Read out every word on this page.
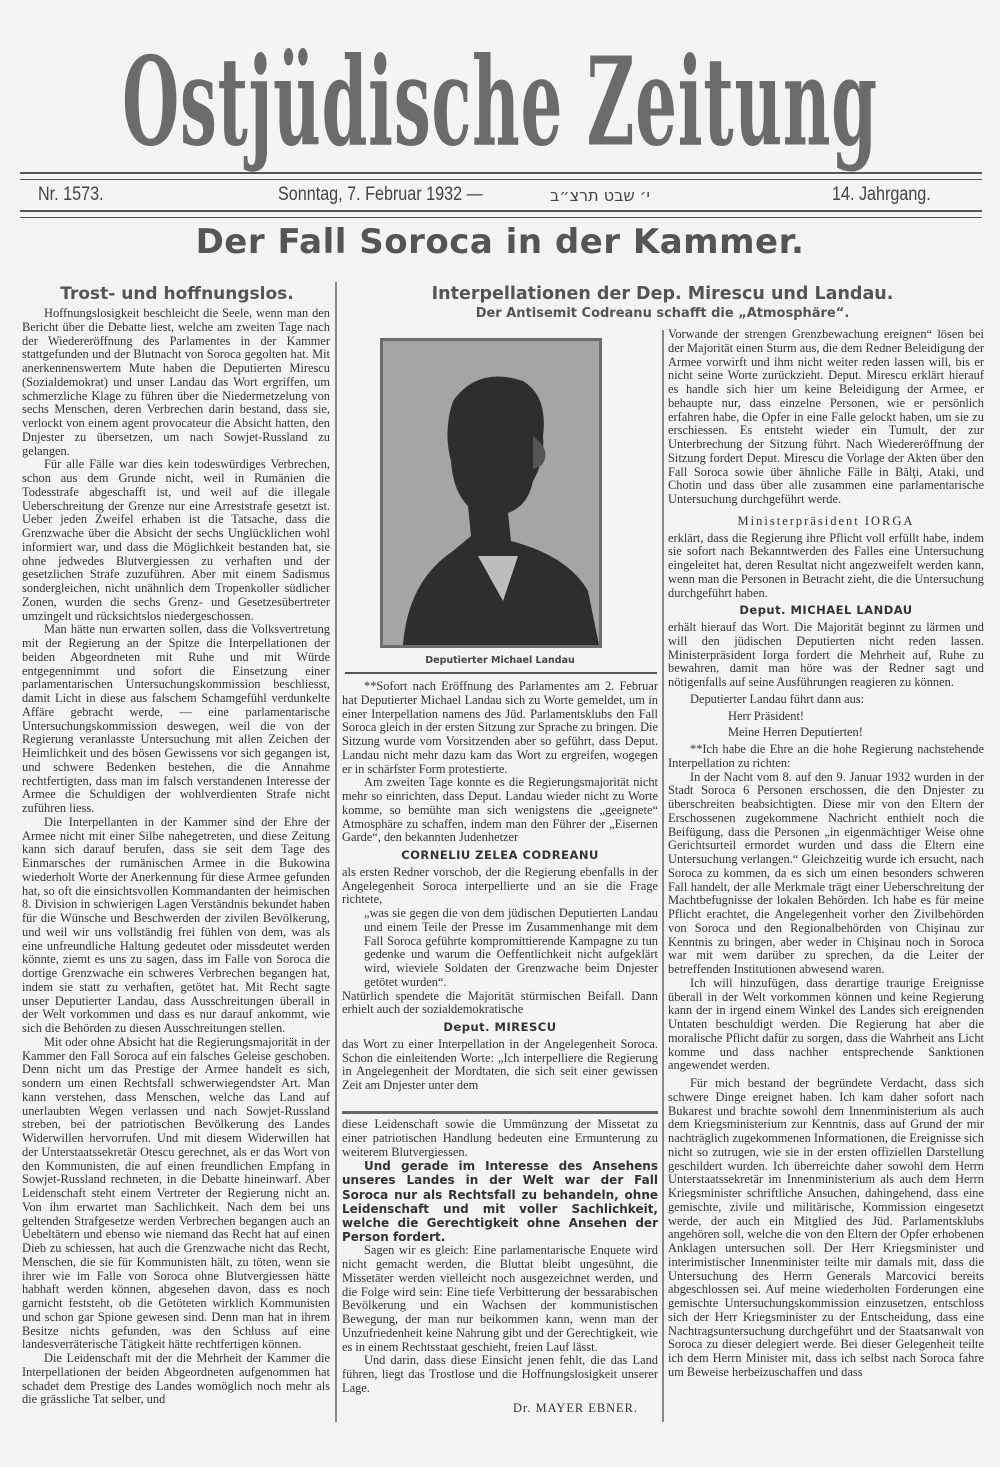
Ostjüdische Zeitung
Nr. 1573.	Sonntag, 7. Februar 1932 —	י׳ שבט תרצ״ב	14. Jahrgang.
Der Fall Soroca in der Kammer.
Trost- und hoffnungslos.

Hoffnungslosigkeit beschleicht die Seele, wenn man den Bericht über die Debatte liest, welche am zweiten Tage nach der Wiedereröffnung des Parlamentes in der Kammer stattgefunden und der Blutnacht von Soroca gegolten hat. Mit anerkennenswertem Mute haben die Deputierten Mirescu (Sozialdemokrat) und unser Landau das Wort ergriffen, um schmerzliche Klage zu führen über die Niedermetzelung von sechs Menschen, deren Verbrechen darin bestand, dass sie, verlockt von einem agent provocateur die Absicht hatten, den Dnjester zu übersetzen, um nach Sowjet-Russland zu gelangen.

Für alle Fälle war dies kein todeswürdiges Verbrechen, schon aus dem Grunde nicht, weil in Rumänien die Todesstrafe abgeschafft ist, und weil auf die illegale Ueberschreitung der Grenze nur eine Arreststrafe gesetzt ist. Ueber jeden Zweifel erhaben ist die Tatsache, dass die Grenzwache über die Absicht der sechs Unglücklichen wohl informiert war, und dass die Möglichkeit bestanden hat, sie ohne jedwedes Blutvergiessen zu verhaften und der gesetzlichen Strafe zuzuführen. Aber mit einem Sadismus sondergleichen, nicht unähnlich dem Tropenkoller südlicher Zonen, wurden die sechs Grenz- und Gesetzesübertreter umzingelt und rücksichtslos niedergeschossen.

Man hätte nun erwarten sollen, dass die Volksvertretung mit der Regierung an der Spitze die Interpellationen der beiden Abgeordneten mit Ruhe und mit Würde entgegennimmt und sofort die Einsetzung einer parlamentarischen Untersuchungskommission beschliesst, damit Licht in diese aus falschem Schamgefühl verdunkelte Affäre gebracht werde, — eine parlamentarische Untersuchungskommission deswegen, weil die von der Regierung veranlasste Untersuchung mit allen Zeichen der Heimlichkeit und des bösen Gewissens vor sich gegangen ist, und schwere Bedenken bestehen, die die Annahme rechtfertigten, dass man im falsch verstandenen Interesse der Armee die Schuldigen der wohlverdienten Strafe nicht zuführen liess.

Die Interpellanten in der Kammer sind der Ehre der Armee nicht mit einer Silbe nahegetreten, und diese Zeitung kann sich darauf berufen, dass sie seit dem Tage des Einmarsches der rumänischen Armee in die Bukowina wiederholt Worte der Anerkennung für diese Armee gefunden hat, so oft die einsichtsvollen Kommandanten der heimischen 8. Division in schwierigen Lagen Verständnis bekundet haben für die Wünsche und Beschwerden der zivilen Bevölkerung, und weil wir uns vollständig frei fühlen von dem, was als eine unfreundliche Haltung gedeutet oder missdeutet werden könnte, ziemt es uns zu sagen, dass im Falle von Soroca die dortige Grenzwache ein schweres Verbrechen begangen hat, indem sie statt zu verhaften, getötet hat. Mit Recht sagte unser Deputierter Landau, dass Ausschreitungen überall in der Welt vorkommen und dass es nur darauf ankommt, wie sich die Behörden zu diesen Ausschreitungen stellen.

Mit oder ohne Absicht hat die Regierungsmajorität in der Kammer den Fall Soroca auf ein falsches Geleise geschoben. Denn nicht um das Prestige der Armee handelt es sich, sondern um einen Rechtsfall schwerwiegendster Art. Man kann verstehen, dass Menschen, welche das Land auf unerlaubten Wegen verlassen und nach Sowjet-Russland streben, bei der patriotischen Bevölkerung des Landes Widerwillen hervorrufen. Und mit diesem Widerwillen hat der Unterstaatssekretär Otescu gerechnet, als er das Wort von den Kommunisten, die auf einen freundlichen Empfang in Sowjet-Russland rechneten, in die Debatte hineinwarf. Aber Leidenschaft steht einem Vertreter der Regierung nicht an. Von ihm erwartet man Sachlichkeit. Nach dem bei uns geltenden Strafgesetze werden Verbrechen begangen auch an Uebeltätern und ebenso wie niemand das Recht hat auf einen Dieb zu schiessen, hat auch die Grenzwache nicht das Recht, Menschen, die sie für Kommunisten hält, zu töten, wenn sie ihrer wie im Falle von Soroca ohne Blutvergiessen hätte habhaft werden können, abgesehen davon, dass es noch garnicht feststeht, ob die Getöteten wirklich Kommunisten und schon gar Spione gewesen sind. Denn man hat in ihrem Besitze nichts gefunden, was den Schluss auf eine landesverräterische Tätigkeit hätte rechtfertigen können.

Die Leidenschaft mit der die Mehrheit der Kammer die Interpellationen der beiden Abgeordneten aufgenommen hat schadet dem Prestige des Landes womöglich noch mehr als die grässliche Tat selber, und

Interpellationen der Dep. Mirescu und Landau.
Der Antisemit Codreanu schafft die „Atmosphäre“.
Deputierter Michael Landau

**Sofort nach Eröffnung des Parlamentes am 2. Februar hat Deputierter Michael Landau sich zu Worte gemeldet, um in einer Interpellation namens des Jüd. Parlamentsklubs den Fall Soroca gleich in der ersten Sitzung zur Sprache zu bringen. Die Sitzung wurde vom Vorsitzenden aber so geführt, dass Deput. Landau nicht mehr dazu kam das Wort zu ergreifen, wogegen er in schärfster Form protestierte.

Am zweiten Tage konnte es die Regierungsmajorität nicht mehr so einrichten, dass Deput. Landau wieder nicht zu Worte komme, so bemühte man sich wenigstens die „geeignete“ Atmosphäre zu schaffen, indem man den Führer der „Eisernen Garde“, den bekannten Judenhetzer

CORNELIU ZELEA CODREANU

als ersten Redner vorschob, der die Regierung ebenfalls in der Angelegenheit Soroca interpellierte und an sie die Frage richtete,

„was sie gegen die von dem jüdischen Deputierten Landau und einem Teile der Presse im Zusammenhange mit dem Fall Soroca geführte kompromittierende Kampagne zu tun gedenke und warum die Oeffentlichkeit nicht aufgeklärt wird, wieviele Soldaten der Grenzwache beim Dnjester getötet wurden“.

Natürlich spendete die Majorität stürmischen Beifall. Dann erhielt auch der sozialdemokratische

Deput. MIRESCU

das Wort zu einer Interpellation in der Angelegenheit Soroca. Schon die einleitenden Worte: „Ich interpelliere die Regierung in Angelegenheit der Mordtaten, die sich seit einer gewissen Zeit am Dnjester unter dem

diese Leidenschaft sowie die Ummünzung der Missetat zu einer patriotischen Handlung bedeuten eine Ermunterung zu weiterem Blutvergiessen.

Und gerade im Interesse des Ansehens unseres Landes in der Welt war der Fall Soroca nur als Rechtsfall zu behandeln, ohne Leidenschaft und mit voller Sachlichkeit, welche die Gerechtigkeit ohne Ansehen der Person fordert.

Sagen wir es gleich: Eine parlamentarische Enquete wird nicht gemacht werden, die Bluttat bleibt ungesühnt, die Missetäter werden vielleicht noch ausgezeichnet werden, und die Folge wird sein: Eine tiefe Verbitterung der bessarabischen Bevölkerung und ein Wachsen der kommunistischen Bewegung, der man nur beikommen kann, wenn man der Unzufriedenheit keine Nahrung gibt und der Gerechtigkeit, wie es in einem Rechtsstaat geschieht, freien Lauf lässt.

Und darin, dass diese Einsicht jenen fehlt, die das Land führen, liegt das Trostlose und die Hoffnungslosigkeit unserer Lage.

Dr. MAYER EBNER.

Vorwande der strengen Grenzbewachung ereignen“ lösen bei der Majorität einen Sturm aus, die dem Redner Beleidigung der Armee vorwirft und ihm nicht weiter reden lassen will, bis er nicht seine Worte zurückzieht. Deput. Mirescu erklärt hierauf es handle sich hier um keine Beleidigung der Armee, er behaupte nur, dass einzelne Personen, wie er persönlich erfahren habe, die Opfer in eine Falle gelockt haben, um sie zu erschiessen. Es entsteht wieder ein Tumult, der zur Unterbrechung der Sitzung führt. Nach Wiedereröffnung der Sitzung fordert Deput. Mirescu die Vorlage der Akten über den Fall Soroca sowie über ähnliche Fälle in Bălţi, Ataki, und Chotin und dass über alle zusammen eine parlamentarische Untersuchung durchgeführt werde.

Ministerpräsident IORGA

erklärt, dass die Regierung ihre Pflicht voll erfüllt habe, indem sie sofort nach Bekanntwerden des Falles eine Untersuchung eingeleitet hat, deren Resultat nicht angezweifelt werden kann, wenn man die Personen in Betracht zieht, die die Untersuchung durchgeführt haben.

Deput. MICHAEL LANDAU

erhält hierauf das Wort. Die Majorität beginnt zu lärmen und will den jüdischen Deputierten nicht reden lassen. Ministerpräsident Iorga fordert die Mehrheit auf, Ruhe zu bewahren, damit man höre was der Redner sagt und nötigenfalls auf seine Ausführungen reagieren zu können.

Deputierter Landau führt dann aus:

Herr Präsident!

Meine Herren Deputierten!

**Ich habe die Ehre an die hohe Regierung nachstehende Interpellation zu richten:

In der Nacht vom 8. auf den 9. Januar 1932 wurden in der Stadt Soroca 6 Personen erschossen, die den Dnjester zu überschreiten beabsichtigten. Diese mir von den Eltern der Erschossenen zugekommene Nachricht enthielt noch die Beifügung, dass die Personen „in eigenmächtiger Weise ohne Gerichtsurteil ermordet wurden und dass die Eltern eine Untersuchung verlangen.“ Gleichzeitig wurde ich ersucht, nach Soroca zu kommen, da es sich um einen besonders schweren Fall handelt, der alle Merkmale trägt einer Ueberschreitung der Machtbefugnisse der lokalen Behörden. Ich habe es für meine Pflicht erachtet, die Angelegenheit vorher den Zivilbehörden von Soroca und den Regionalbehörden von Chişinau zur Kenntnis zu bringen, aber weder in Chişinau noch in Soroca war mit wem darüber zu sprechen, da die Leiter der betreffenden Institutionen abwesend waren.

Ich will hinzufügen, dass derartige traurige Ereignisse überall in der Welt vorkommen können und keine Regierung kann der in irgend einem Winkel des Landes sich ereignenden Untaten beschuldigt werden. Die Regierung hat aber die moralische Pflicht dafür zu sorgen, dass die Wahrheit ans Licht komme und dass nachher entsprechende Sanktionen angewendet werden.

Für mich bestand der begründete Verdacht, dass sich schwere Dinge ereignet haben. Ich kam daher sofort nach Bukarest und brachte sowohl dem Innenministerium als auch dem Kriegsministerium zur Kenntnis, dass auf Grund der mir nachträglich zugekommenen Informationen, die Ereignisse sich nicht so zutrugen, wie sie in der ersten offiziellen Darstellung geschildert wurden. Ich überreichte daher sowohl dem Herrn Unterstaatssekretär im Innenministerium als auch dem Herrn Kriegsminister schriftliche Ansuchen, dahingehend, dass eine gemischte, zivile und militärische, Kommission eingesetzt werde, der auch ein Mitglied des Jüd. Parlamentsklubs angehören soll, welche die von den Eltern der Opfer erhobenen Anklagen untersuchen soll. Der Herr Kriegsminister und interimistischer Innenminister teilte mir damals mit, dass die Untersuchung des Herrn Generals Marcovici bereits abgeschlossen sei. Auf meine wiederholten Forderungen eine gemischte Untersuchungskommission einzusetzen, entschloss sich der Herr Kriegsminister zu der Entscheidung, dass eine Nachtragsuntersuchung durchgeführt und der Staatsanwalt von Soroca zu dieser delegiert werde. Bei dieser Gelegenheit teilte ich dem Herrn Minister mit, dass ich selbst nach Soroca fahre um Beweise herbeizuschaffen und dass
